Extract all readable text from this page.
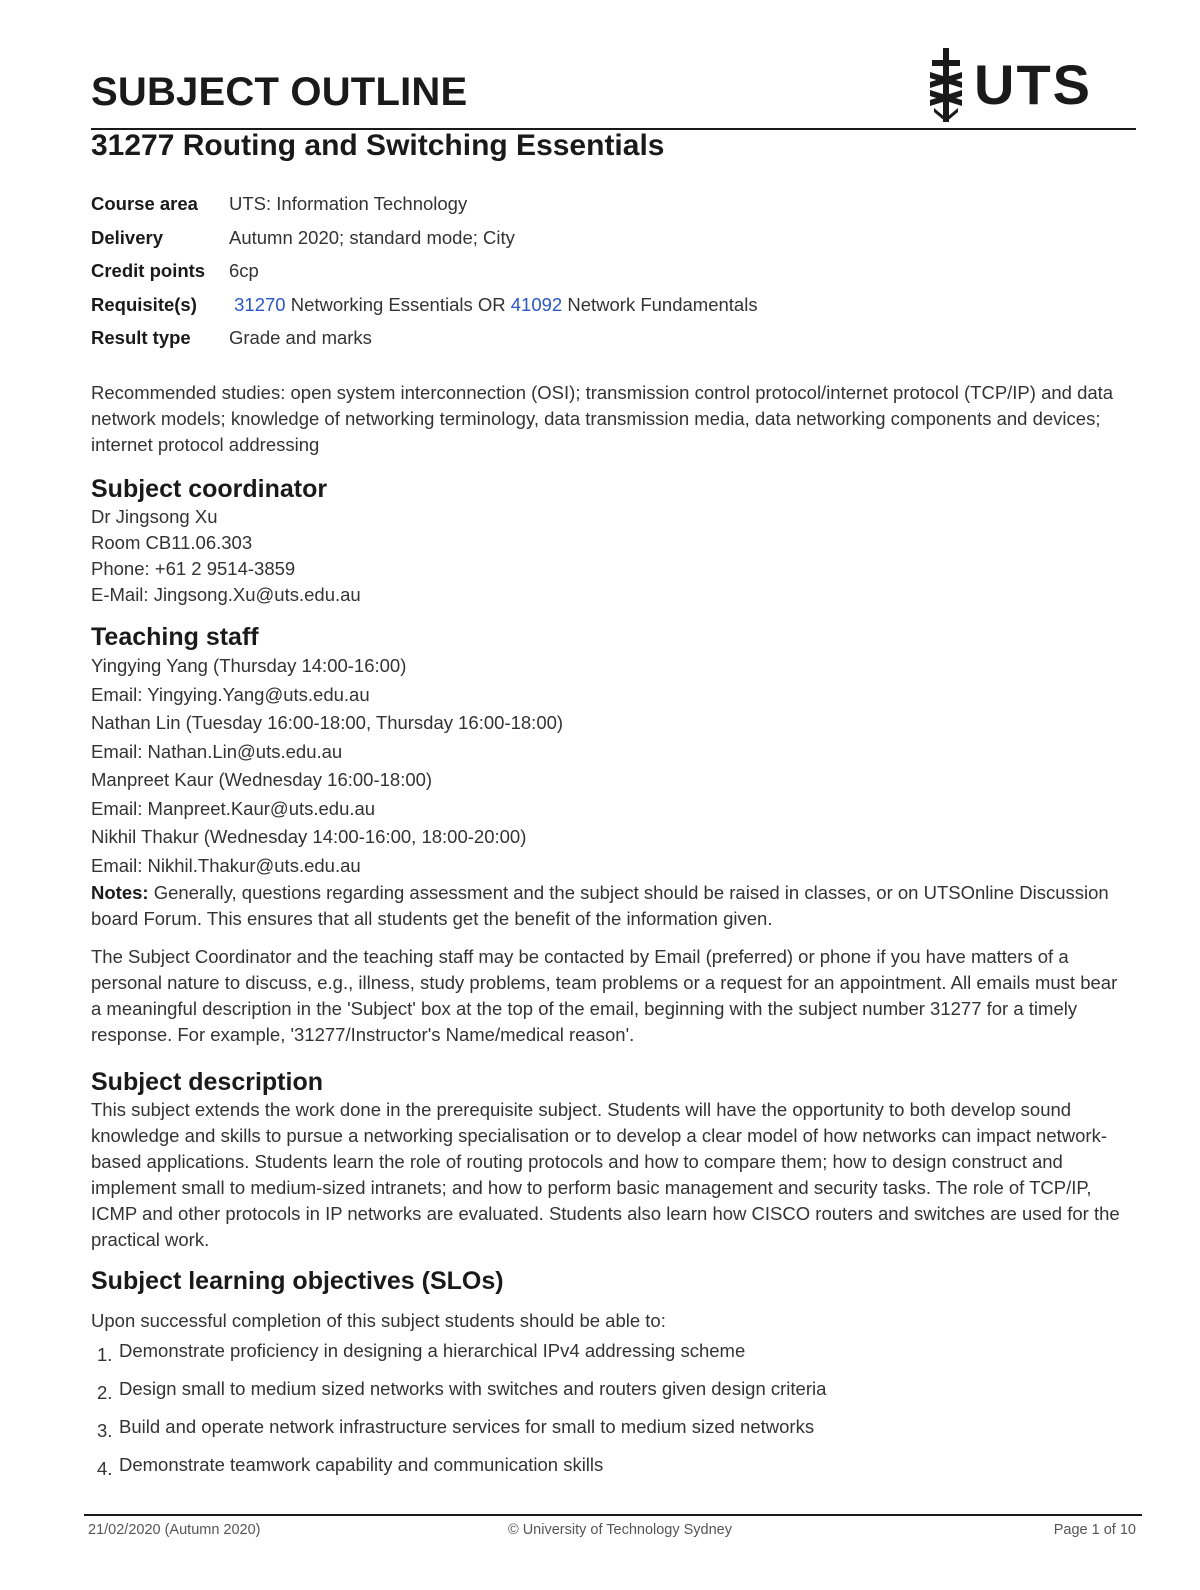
SUBJECT OUTLINE	UTS
31277 Routing and Switching Essentials
Course area	UTS: Information Technology
Delivery	Autumn 2020; standard mode; City
Credit points	6cp
Requisite(s)	31270 Networking Essentials OR 41092 Network Fundamentals
Result type	Grade and marks
Recommended studies: open system interconnection (OSI); transmission control protocol/internet protocol (TCP/IP) and data network models; knowledge of networking terminology, data transmission media, data networking components and devices; internet protocol addressing
Subject coordinator
Dr Jingsong Xu
Room CB11.06.303
Phone: +61 2 9514-3859
E-Mail: Jingsong.Xu@uts.edu.au
Teaching staff
Yingying Yang (Thursday 14:00-16:00)
Email: Yingying.Yang@uts.edu.au
Nathan Lin (Tuesday 16:00-18:00, Thursday 16:00-18:00)
Email: Nathan.Lin@uts.edu.au
Manpreet Kaur (Wednesday 16:00-18:00)
Email: Manpreet.Kaur@uts.edu.au
Nikhil Thakur (Wednesday 14:00-16:00, 18:00-20:00)
Email: Nikhil.Thakur@uts.edu.au
Notes: Generally, questions regarding assessment and the subject should be raised in classes, or on UTSOnline Discussion board Forum. This ensures that all students get the benefit of the information given.
The Subject Coordinator and the teaching staff may be contacted by Email (preferred) or phone if you have matters of a personal nature to discuss, e.g., illness, study problems, team problems or a request for an appointment. All emails must bear a meaningful description in the 'Subject' box at the top of the email, beginning with the subject number 31277 for a timely response. For example, '31277/Instructor's Name/medical reason'.
Subject description
This subject extends the work done in the prerequisite subject. Students will have the opportunity to both develop sound knowledge and skills to pursue a networking specialisation or to develop a clear model of how networks can impact network-based applications. Students learn the role of routing protocols and how to compare them; how to design construct and implement small to medium-sized intranets; and how to perform basic management and security tasks. The role of TCP/IP, ICMP and other protocols in IP networks are evaluated. Students also learn how CISCO routers and switches are used for the practical work.
Subject learning objectives (SLOs)
Upon successful completion of this subject students should be able to:
1. Demonstrate proficiency in designing a hierarchical IPv4 addressing scheme
2. Design small to medium sized networks with switches and routers given design criteria
3. Build and operate network infrastructure services for small to medium sized networks
4. Demonstrate teamwork capability and communication skills
21/02/2020 (Autumn 2020)	© University of Technology Sydney	Page 1 of 10
